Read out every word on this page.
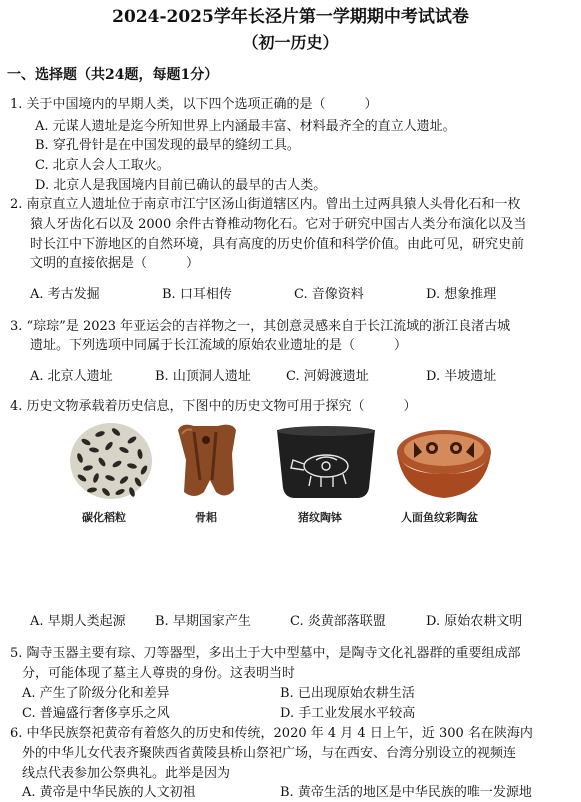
2024-2025学年长泾片第一学期期中考试试卷
（初一历史）
一、选择题（共24题，每题1分）
1. 关于中国境内的早期人类，以下四个选项正确的是（　　　）
A. 元谋人遗址是迄今所知世界上内涵最丰富、材料最齐全的直立人遗址。
B. 穿孔骨针是在中国发现的最早的缝纫工具。
C. 北京人会人工取火。
D. 北京人是我国境内目前已确认的最早的古人类。
2. 南京直立人遗址位于南京市江宁区汤山街道辖区内。曾出土过两具猿人头骨化石和一枚
猿人牙齿化石以及 2000 余件古脊椎动物化石。它对于研究中国古人类分布演化以及当
时长江中下游地区的自然环境，具有高度的历史价值和科学价值。由此可见，研究史前
文明的直接依据是（　　　）
A. 考古发掘	B. 口耳相传	C. 音像资料	D. 想象推理
3. “琮琮”是 2023 年亚运会的吉祥物之一，其创意灵感来自于长江流域的浙江良渚古城
遗址。下列选项中同属于长江流域的原始农业遗址的是（　　　）
A. 北京人遗址	B. 山顶洞人遗址	C. 河姆渡遗址	D. 半坡遗址
4. 历史文物承载着历史信息，下图中的历史文物可用于探究（　　　）
碳化稻粒	骨耜	猪纹陶钵	人面鱼纹彩陶盆
A. 早期人类起源 B. 早期国家产生	C. 炎黄部落联盟	D. 原始农耕文明
5. 陶寺玉器主要有琮、刀等器型，多出土于大中型墓中，是陶寺文化礼器群的重要组成部
分，可能体现了墓主人尊贵的身份。这表明当时
A. 产生了阶级分化和差异	B. 已出现原始农耕生活
C. 普遍盛行奢侈享乐之风	D. 手工业发展水平较高
6. 中华民族祭祀黄帝有着悠久的历史和传统，2020 年 4 月 4 日上午，近 300 名在陕海内
外的中华儿女代表齐聚陕西省黄陵县桥山祭祀广场，与在西安、台湾分别设立的视频连
线点代表参加公祭典礼。此举是因为
A. 黄帝是中华民族的人文初祖	B. 黄帝生活的地区是中华民族的唯一发源地
